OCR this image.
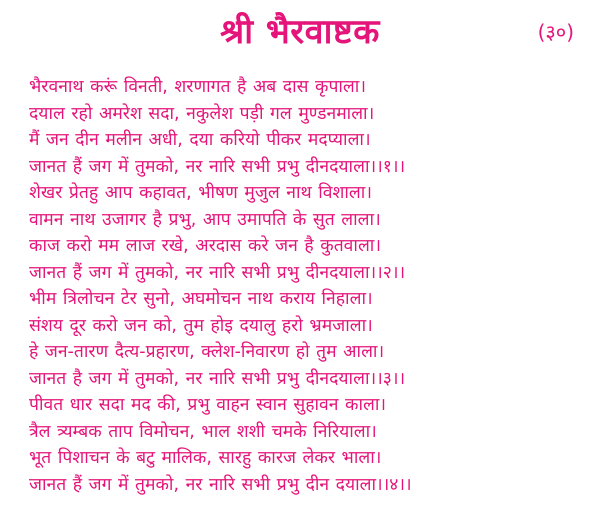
श्री भैरवाष्टक	(३०)
भैरवनाथ करूं विनती, शरणागत है अब दास कृपाला।
दयाल रहो अमरेश सदा, नकुलेश पड़ी गल मुण्डनमाला।
मैं जन दीन मलीन अधी, दया करियो पीकर मदप्याला।
जानत हैं जग में तुमको, नर नारि सभी प्रभु दीनदयाला।।१।।
शेखर प्रेतहु आप कहावत, भीषण मुजुल नाथ विशाला।
वामन नाथ उजागर है प्रभु, आप उमापति के सुत लाला।
काज करो मम लाज रखे, अरदास करे जन है कुतवाला।
जानत हैं जग में तुमको, नर नारि सभी प्रभु दीनदयाला।।२।।
भीम त्रिलोचन टेर सुनो, अघमोचन नाथ कराय निहाला।
संशय दूर करो जन को, तुम होइ दयालु हरो भ्रमजाला।
हे जन-तारण दैत्य-प्रहारण, क्लेश-निवारण हो तुम आला।
जानत है जग में तुमको, नर नारि सभी प्रभु दीनदयाला।।३।।
पीवत धार सदा मद की, प्रभु वाहन स्वान सुहावन काला।
त्रैल त्र्यम्बक ताप विमोचन, भाल शशी चमके निरियाला।
भूत पिशाचन के बटु मालिक, सारहु कारज लेकर भाला।
जानत हैं जग में तुमको, नर नारि सभी प्रभु दीन दयाला।।४।।
